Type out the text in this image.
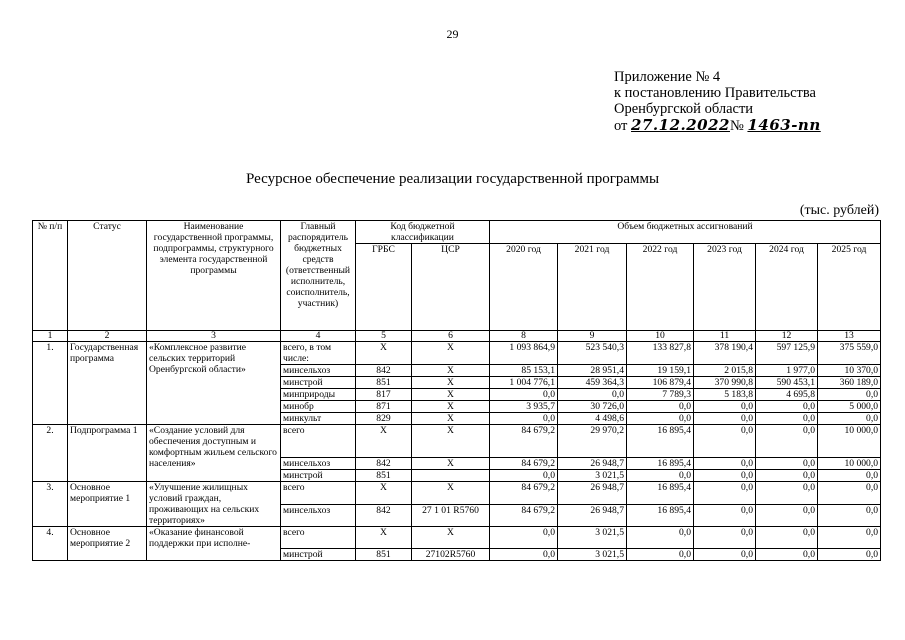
29
Приложение № 4
к постановлению Правительства
Оренбургской области
от 27.12.2022№ 1463-пп
Ресурсное обеспечение реализации государственной программы
(тыс. рублей)
№ п/п	Статус	Наименование государственной программы, подпрограммы, структурного элемента государственной программы	Главный распорядитель бюджетных средств (ответственный исполнитель, соисполнитель, участник)	Код бюджетной классификации		Объем бюджетных ассигнований					
				ГРБС	ЦСР	2020 год	2021 год	2022 год	2023 год	2024 год	2025 год
1	2	3	4	5	6	8	9	10	11	12	13
1.	Государственная программа	«Комплексное развитие сельских территорий Оренбургской области»	всего, в том числе:	Х	Х	1 093 864,9	523 540,3	133 827,8	378 190,4	597 125,9	375 559,0
			минсельхоз	842	Х	85 153,1	28 951,4	19 159,1	2 015,8	1 977,0	10 370,0
			минстрой	851	Х	1 004 776,1	459 364,3	106 879,4	370 990,8	590 453,1	360 189,0
			минприроды	817	Х	0,0	0,0	7 789,3	5 183,8	4 695,8	0,0
			минобр	871	Х	3 935,7	30 726,0	0,0	0,0	0,0	5 000,0
			минкульт	829	Х	0,0	4 498,6	0,0	0,0	0,0	0,0
2.	Подпрограмма 1	«Создание условий для обеспечения доступным и комфортным жильем сельского населения»	всего	Х	Х	84 679,2	29 970,2	16 895,4	0,0	0,0	10 000,0
			минсельхоз	842	Х	84 679,2	26 948,7	16 895,4	0,0	0,0	10 000,0
			минстрой	851		0,0	3 021,5	0,0	0,0	0,0	0,0
3.	Основное мероприятие 1	«Улучшение жилищных условий граждан, проживающих на сельских территориях»	всего	Х	Х	84 679,2	26 948,7	16 895,4	0,0	0,0	0,0
			минсельхоз	842	27 1 01 R5760	84 679,2	26 948,7	16 895,4	0,0	0,0	0,0
4.	Основное мероприятие 2	«Оказание финансовой поддержки при исполне-	всего	Х	Х	0,0	3 021,5	0,0	0,0	0,0	0,0
			минстрой	851	27102R5760	0,0	3 021,5	0,0	0,0	0,0	0,0
